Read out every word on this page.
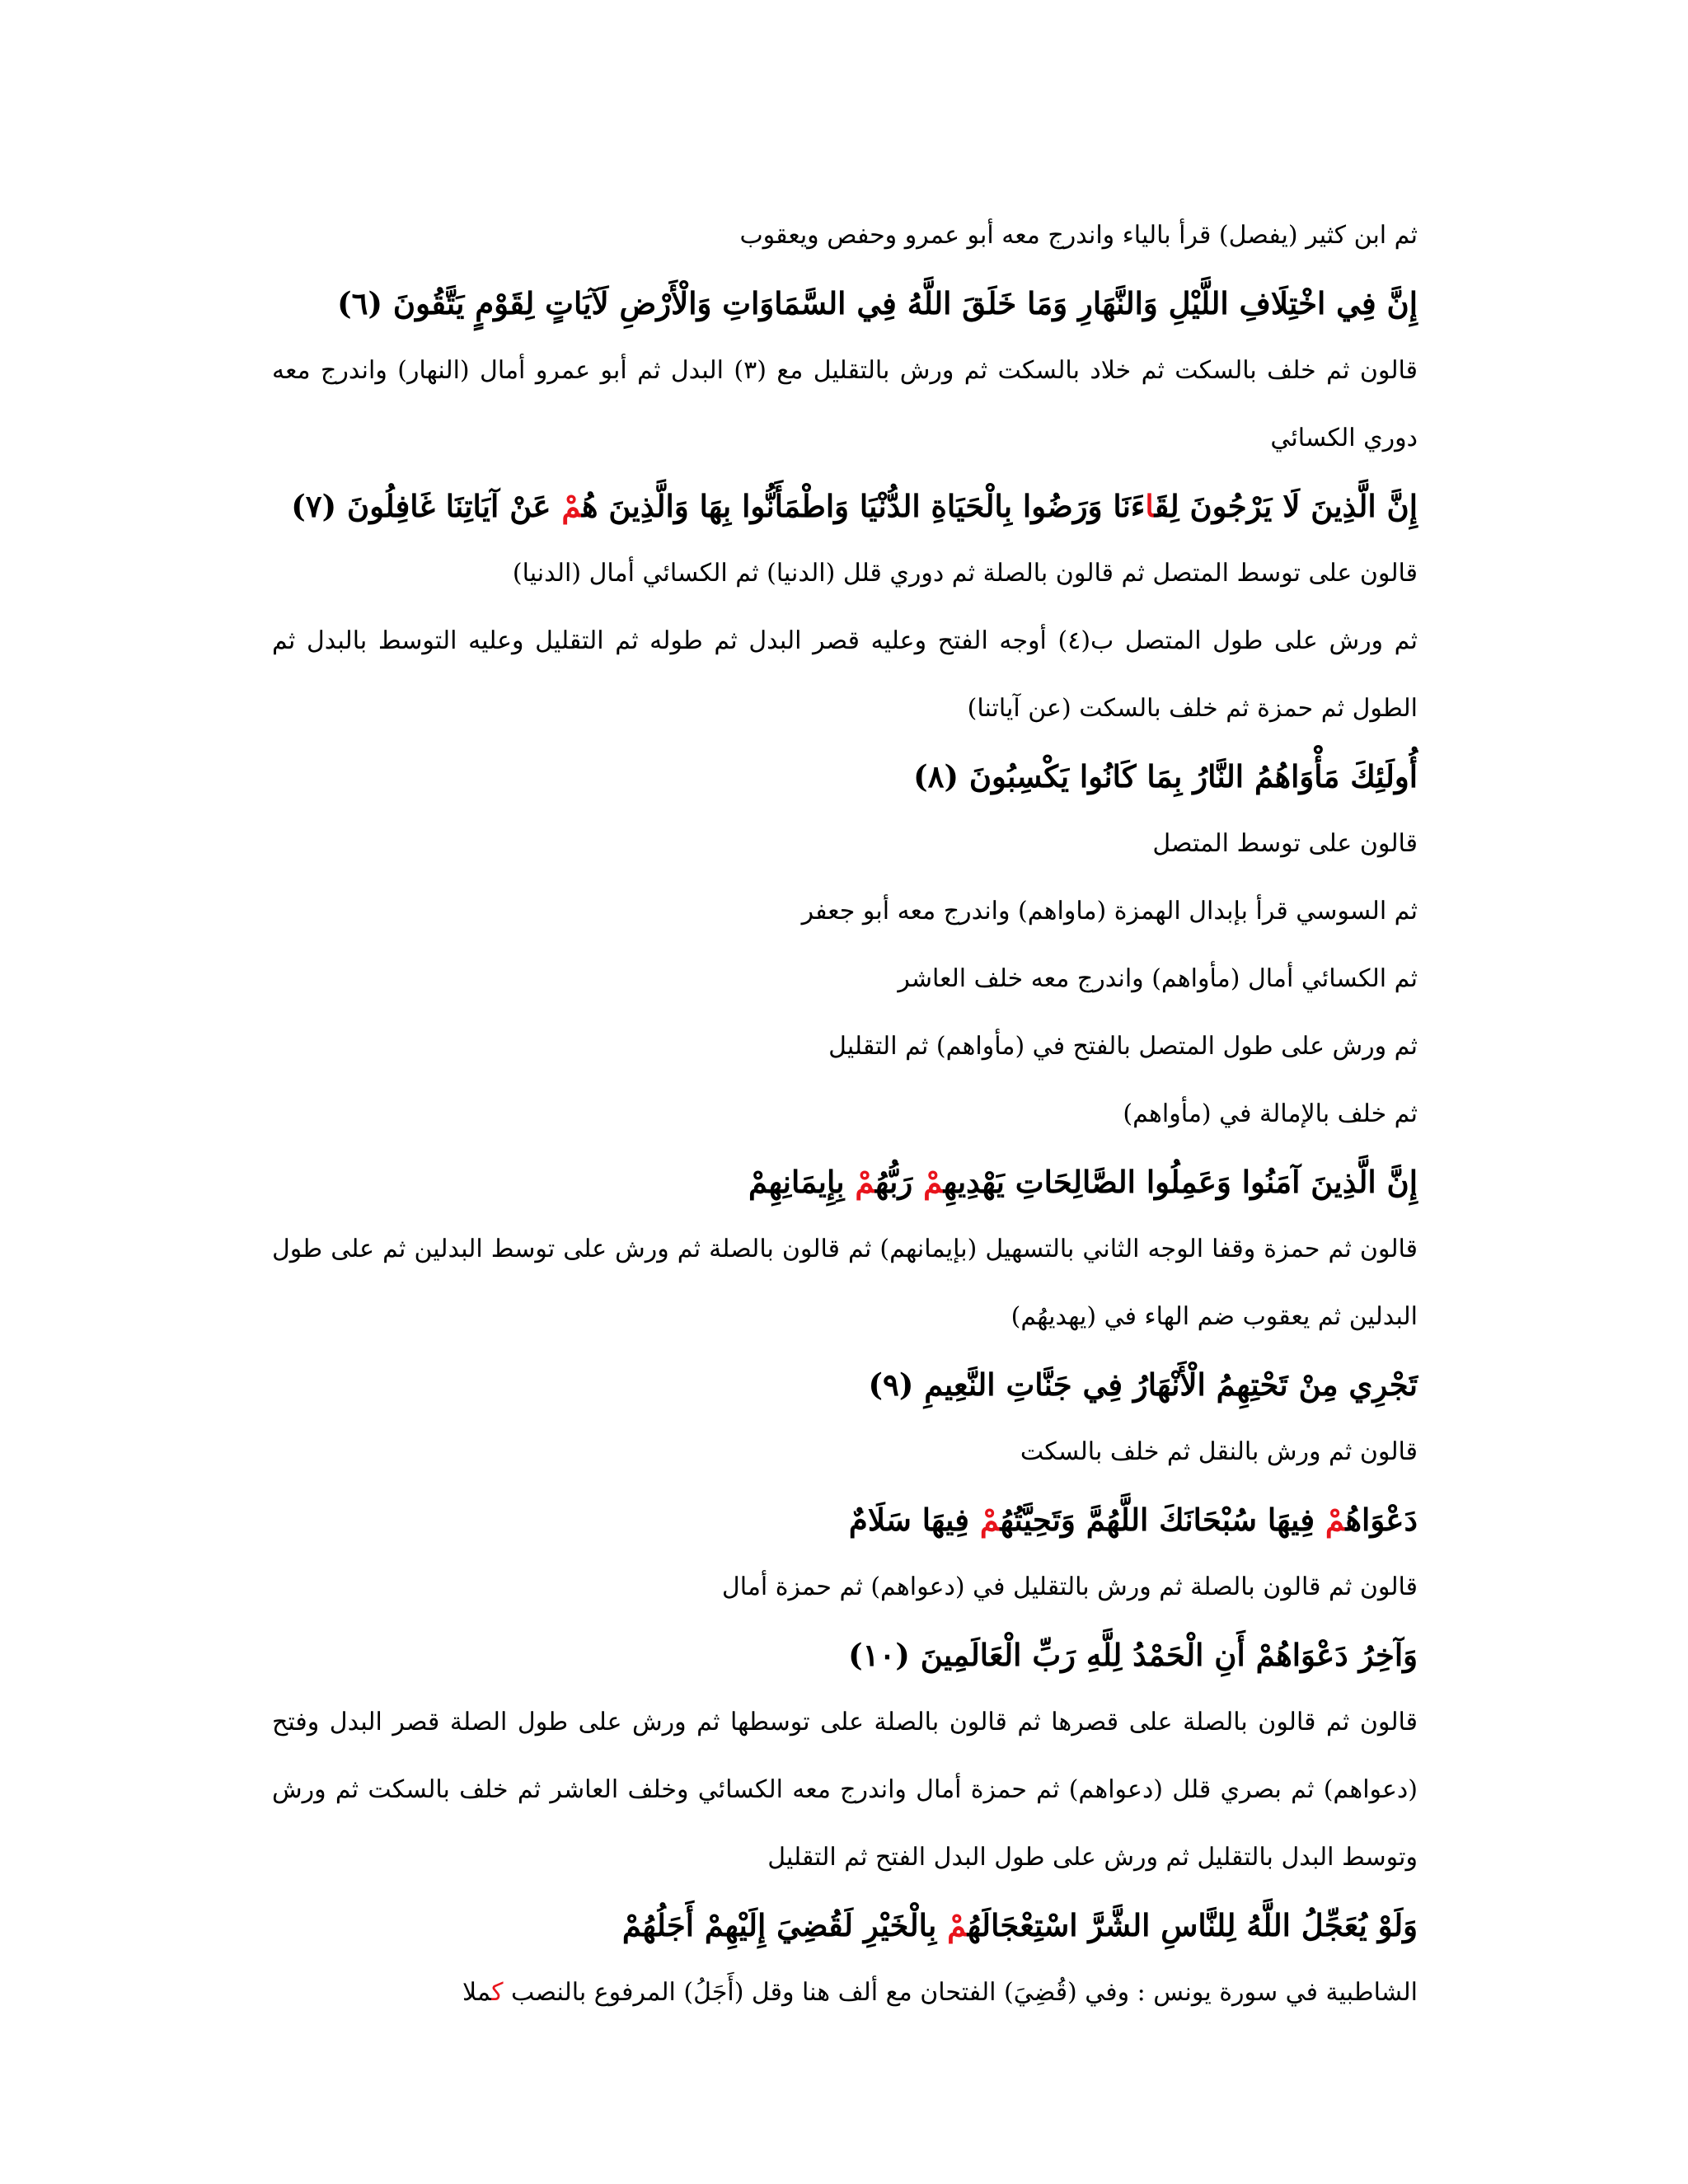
ثم ابن كثير (يفصل) قرأ بالياء واندرج معه أبو عمرو وحفص ويعقوب
إِنَّ فِي اخْتِلَافِ اللَّيْلِ وَالنَّهَارِ وَمَا خَلَقَ اللَّهُ فِي السَّمَاوَاتِ وَالْأَرْضِ لَآيَاتٍ لِقَوْمٍ يَتَّقُونَ (٦)
قالون ثم خلف بالسكت ثم خلاد بالسكت ثم ورش بالتقليل مع (٣) البدل ثم أبو عمرو أمال (النهار) واندرج معه دوري الكسائي
إِنَّ الَّذِينَ لَا يَرْجُونَ لِقَاءَنَا وَرَضُوا بِالْحَيَاةِ الدُّنْيَا وَاطْمَأَنُّوا بِهَا وَالَّذِينَ هُمْ عَنْ آيَاتِنَا غَافِلُونَ (٧)
قالون على توسط المتصل ثم قالون بالصلة ثم دوري قلل (الدنيا) ثم الكسائي أمال (الدنيا)
ثم ورش على طول المتصل ب(٤) أوجه الفتح وعليه قصر البدل ثم طوله ثم التقليل وعليه التوسط بالبدل ثم الطول ثم حمزة ثم خلف بالسكت (عن آياتنا)
أُولَئِكَ مَأْوَاهُمُ النَّارُ بِمَا كَانُوا يَكْسِبُونَ (٨)
قالون على توسط المتصل
ثم السوسي قرأ بإبدال الهمزة (ماواهم) واندرج معه أبو جعفر
ثم الكسائي أمال (مأواهم) واندرج معه خلف العاشر
ثم ورش على طول المتصل بالفتح في (مأواهم) ثم التقليل
ثم خلف بالإمالة في (مأواهم)
إِنَّ الَّذِينَ آمَنُوا وَعَمِلُوا الصَّالِحَاتِ يَهْدِيهِمْ رَبُّهُمْ بِإِيمَانِهِمْ
قالون ثم حمزة وقفا الوجه الثاني بالتسهيل (بإيمانهم) ثم قالون بالصلة ثم ورش على توسط البدلين ثم على طول البدلين ثم يعقوب ضم الهاء في (يهديهُم)
تَجْرِي مِنْ تَحْتِهِمُ الْأَنْهَارُ فِي جَنَّاتِ النَّعِيمِ (٩)
قالون ثم ورش بالنقل ثم خلف بالسكت
دَعْوَاهُمْ فِيهَا سُبْحَانَكَ اللَّهُمَّ وَتَحِيَّتُهُمْ فِيهَا سَلَامٌ
قالون ثم قالون بالصلة ثم ورش بالتقليل في (دعواهم) ثم حمزة أمال
وَآخِرُ دَعْوَاهُمْ أَنِ الْحَمْدُ لِلَّهِ رَبِّ الْعَالَمِينَ (١٠)
قالون ثم قالون بالصلة على قصرها ثم قالون بالصلة على توسطها ثم ورش على طول الصلة قصر البدل وفتح (دعواهم) ثم بصري قلل (دعواهم) ثم حمزة أمال واندرج معه الكسائي وخلف العاشر ثم خلف بالسكت ثم ورش وتوسط البدل بالتقليل ثم ورش على طول البدل الفتح ثم التقليل
وَلَوْ يُعَجِّلُ اللَّهُ لِلنَّاسِ الشَّرَّ اسْتِعْجَالَهُمْ بِالْخَيْرِ لَقُضِيَ إِلَيْهِمْ أَجَلُهُمْ
الشاطبية في سورة يونس : وفي (قُضِيَ) الفتحان مع ألف هنا وقل (أَجَلُ) المرفوع بالنصب كملا
